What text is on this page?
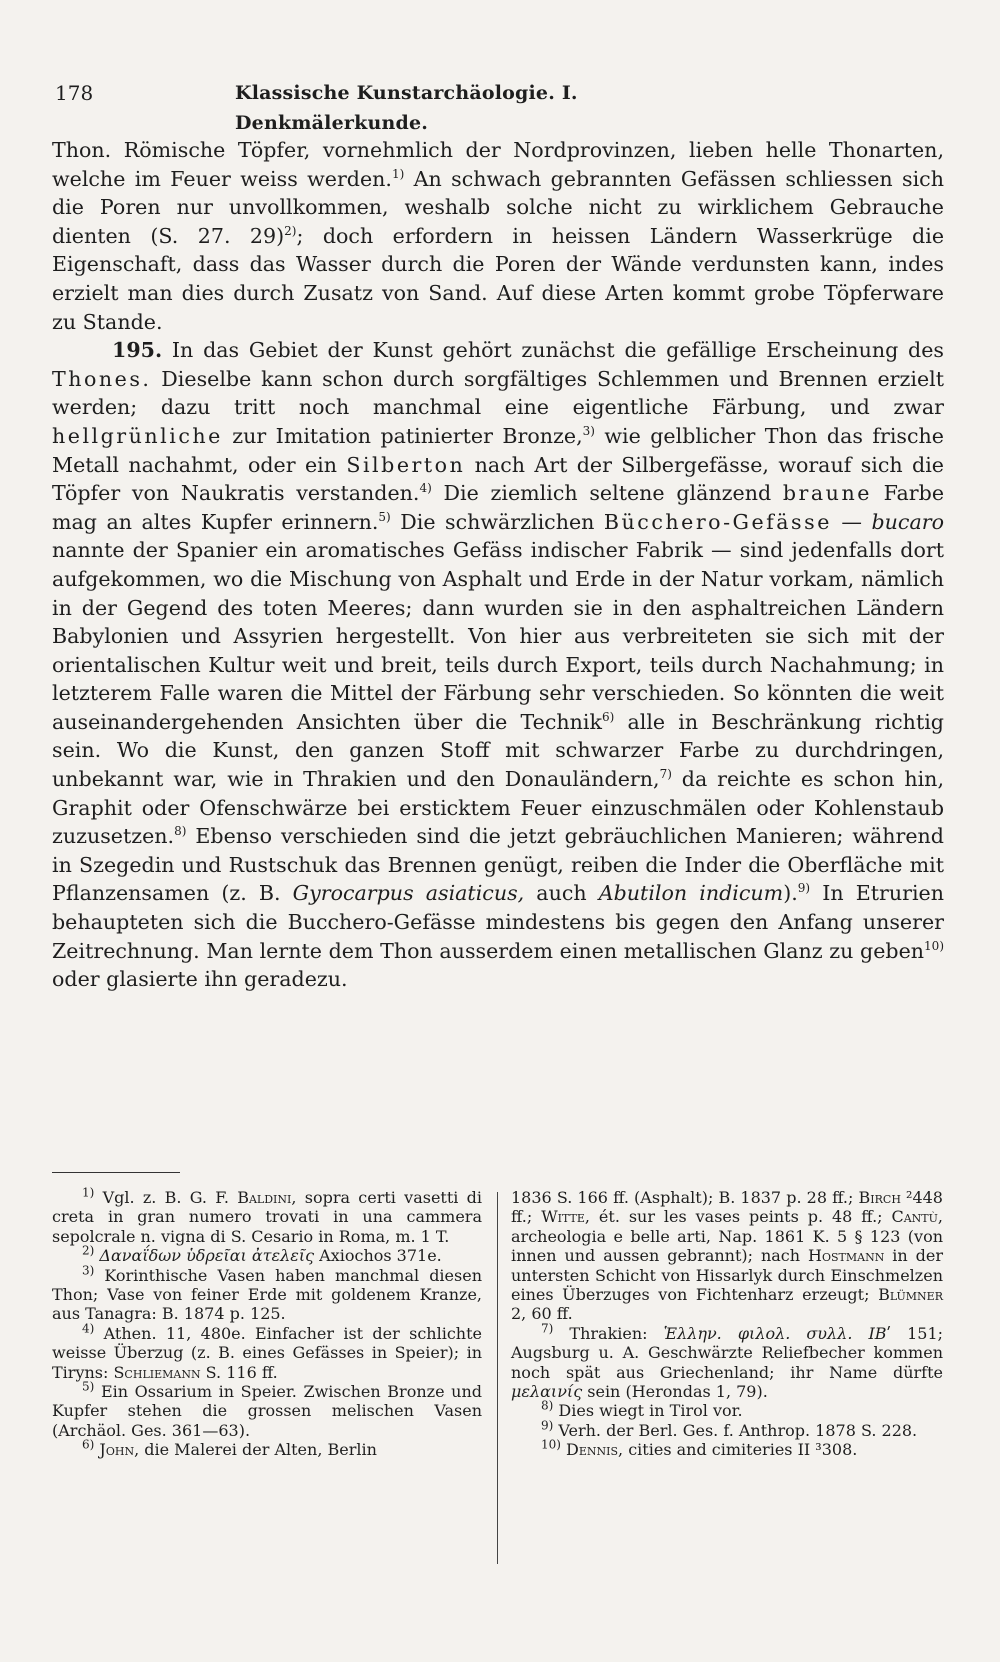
178	Klassische Kunstarchäologie. I. Denkmälerkunde.

Thon. Römische Töpfer, vornehmlich der Nordprovinzen, lieben helle Thonarten, welche im Feuer weiss werden.$^{1)}$ An schwach gebrannten Gefässen schliessen sich die Poren nur unvollkommen, weshalb solche nicht zu wirklichem Gebrauche dienten (S. 27. 29)$^{2)}$; doch erfordern in heissen Ländern Wasserkrüge die Eigenschaft, dass das Wasser durch die Poren der Wände verdunsten kann, indes erzielt man dies durch Zusatz von Sand. Auf diese Arten kommt grobe Töpferware zu Stande.

195. In das Gebiet der Kunst gehört zunächst die gefällige Erscheinung des Thones. Dieselbe kann schon durch sorgfältiges Schlemmen und Brennen erzielt werden; dazu tritt noch manchmal eine eigentliche Färbung, und zwar hellgrünliche zur Imitation patinierter Bronze,$^{3)}$ wie gelblicher Thon das frische Metall nachahmt, oder ein Silberton nach Art der Silbergefässe, worauf sich die Töpfer von Naukratis verstanden.$^{4)}$ Die ziemlich seltene glänzend braune Farbe mag an altes Kupfer erinnern.$^{5)}$ Die schwärzlichen Bücchero-Gefässe — bucaro nannte der Spanier ein aromatisches Gefäss indischer Fabrik — sind jedenfalls dort aufgekommen, wo die Mischung von Asphalt und Erde in der Natur vorkam, nämlich in der Gegend des toten Meeres; dann wurden sie in den asphaltreichen Ländern Babylonien und Assyrien hergestellt. Von hier aus verbreiteten sie sich mit der orientalischen Kultur weit und breit, teils durch Export, teils durch Nachahmung; in letzterem Falle waren die Mittel der Färbung sehr verschieden. So könnten die weit auseinandergehenden Ansichten über die Technik$^{6)}$ alle in Beschränkung richtig sein. Wo die Kunst, den ganzen Stoff mit schwarzer Farbe zu durchdringen, unbekannt war, wie in Thrakien und den Donauländern,$^{7)}$ da reichte es schon hin, Graphit oder Ofenschwärze bei ersticktem Feuer einzuschmälen oder Kohlenstaub zuzusetzen.$^{8)}$ Ebenso verschieden sind die jetzt gebräuchlichen Manieren; während in Szegedin und Rustschuk das Brennen genügt, reiben die Inder die Oberfläche mit Pflanzensamen (z. B. Gyrocarpus asiaticus, auch Abutilon indicum).$^{9)}$ In Etrurien behaupteten sich die Bucchero-Gefässe mindestens bis gegen den Anfang unserer Zeitrechnung. Man lernte dem Thon ausserdem einen metallischen Glanz zu geben$^{10)}$ oder glasierte ihn geradezu.

$^{1)}$ Vgl. z. B. G. F. Baldini, sopra certi vasetti di creta in gran numero trovati in una cammera sepolcrale n. vigna di S. Cesario in Roma, m. 1 T.

$^{2)}$ Δαναΐδων ὑδρεῖαι ἀτελεῖς Axiochos 371e.

$^{3)}$ Korinthische Vasen haben manchmal diesen Thon; Vase von feiner Erde mit goldenem Kranze, aus Tanagra: B. 1874 p. 125.

$^{4)}$ Athen. 11, 480e. Einfacher ist der schlichte weisse Überzug (z. B. eines Gefässes in Speier); in Tiryns: Schliemann S. 116 ff.

$^{5)}$ Ein Ossarium in Speier. Zwischen Bronze und Kupfer stehen die grossen melischen Vasen (Archäol. Ges. 361—63).

$^{6)}$ John, die Malerei der Alten, Berlin

1836 S. 166 ff. (Asphalt); B. 1837 p. 28 ff.; Birch ²448 ff.; Witte, ét. sur les vases peints p. 48 ff.; Cantù, archeologia e belle arti, Nap. 1861 K. 5 § 123 (von innen und aussen gebrannt); nach Hostmann in der untersten Schicht von Hissarlyk durch Einschmelzen eines Überzuges von Fichtenharz erzeugt; Blümner 2, 60 ff.

$^{7)}$ Thrakien: Ἑλλην. φιλολ. συλλ. ΙΒʹ 151; Augsburg u. A. Geschwärzte Reliefbecher kommen noch spät aus Griechenland; ihr Name dürfte μελαινίς sein (Herondas 1, 79).

$^{8)}$ Dies wiegt in Tirol vor.

$^{9)}$ Verh. der Berl. Ges. f. Anthrop. 1878 S. 228.

$^{10)}$ Dennis, cities and cimiteries II ³308.
